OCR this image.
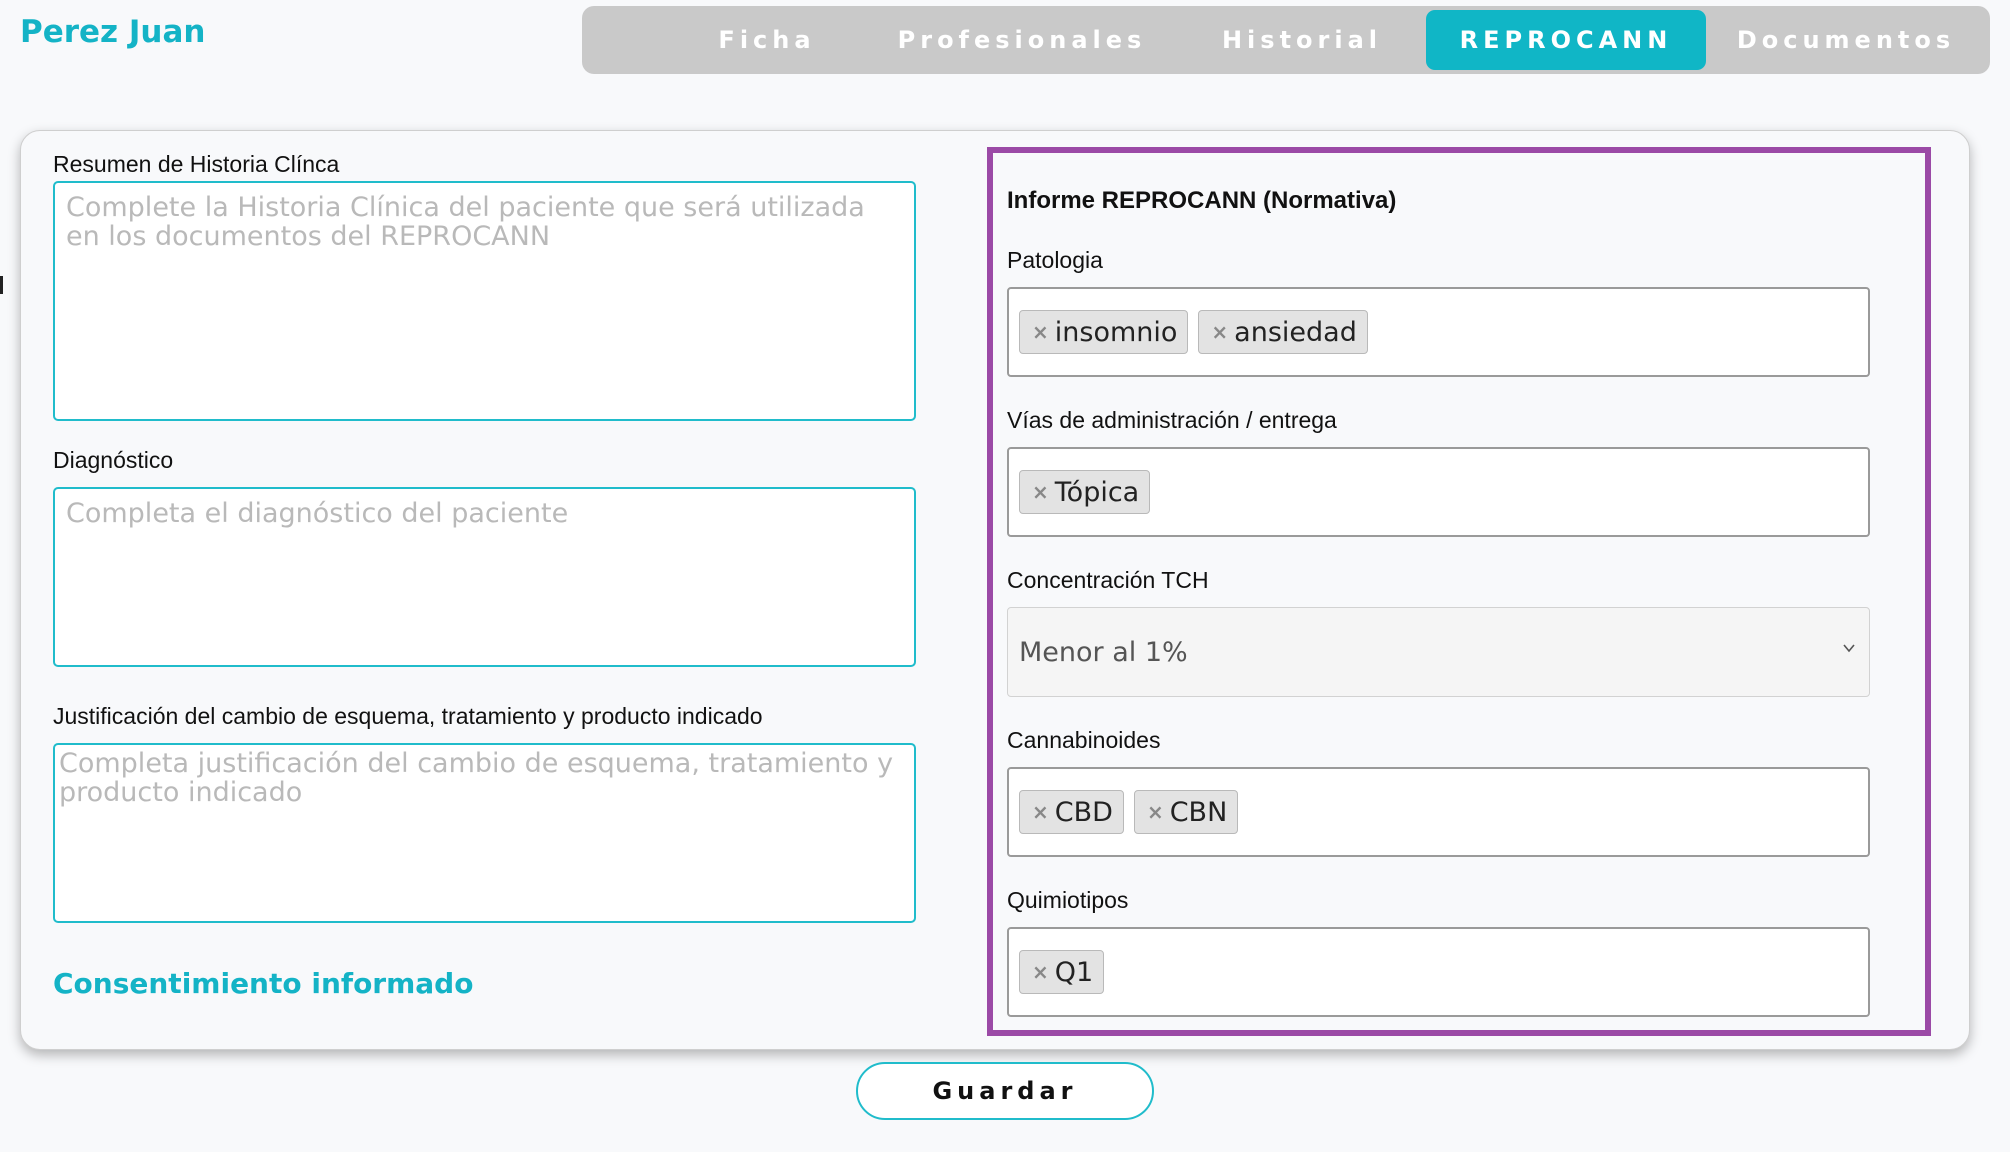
Perez Juan	Ficha	Profesionales	Historial	REPROCANN	Documentos
Resumen de Historia Clínca
Complete la Historia Clínica del paciente que será utilizada en los documentos del REPROCANN
Diagnóstico
Completa el diagnóstico del paciente
Justificación del cambio de esquema, tratamiento y producto indicado
Completa justificación del cambio de esquema, tratamiento y producto indicado
Consentimiento informado
Informe REPROCANN (Normativa)
Patologia
× insomnio × ansiedad
Vías de administración / entrega
× Tópica
Concentración TCH
Menor al 1%
Cannabinoides
× CBD × CBN
Quimiotipos
× Q1
Guardar
